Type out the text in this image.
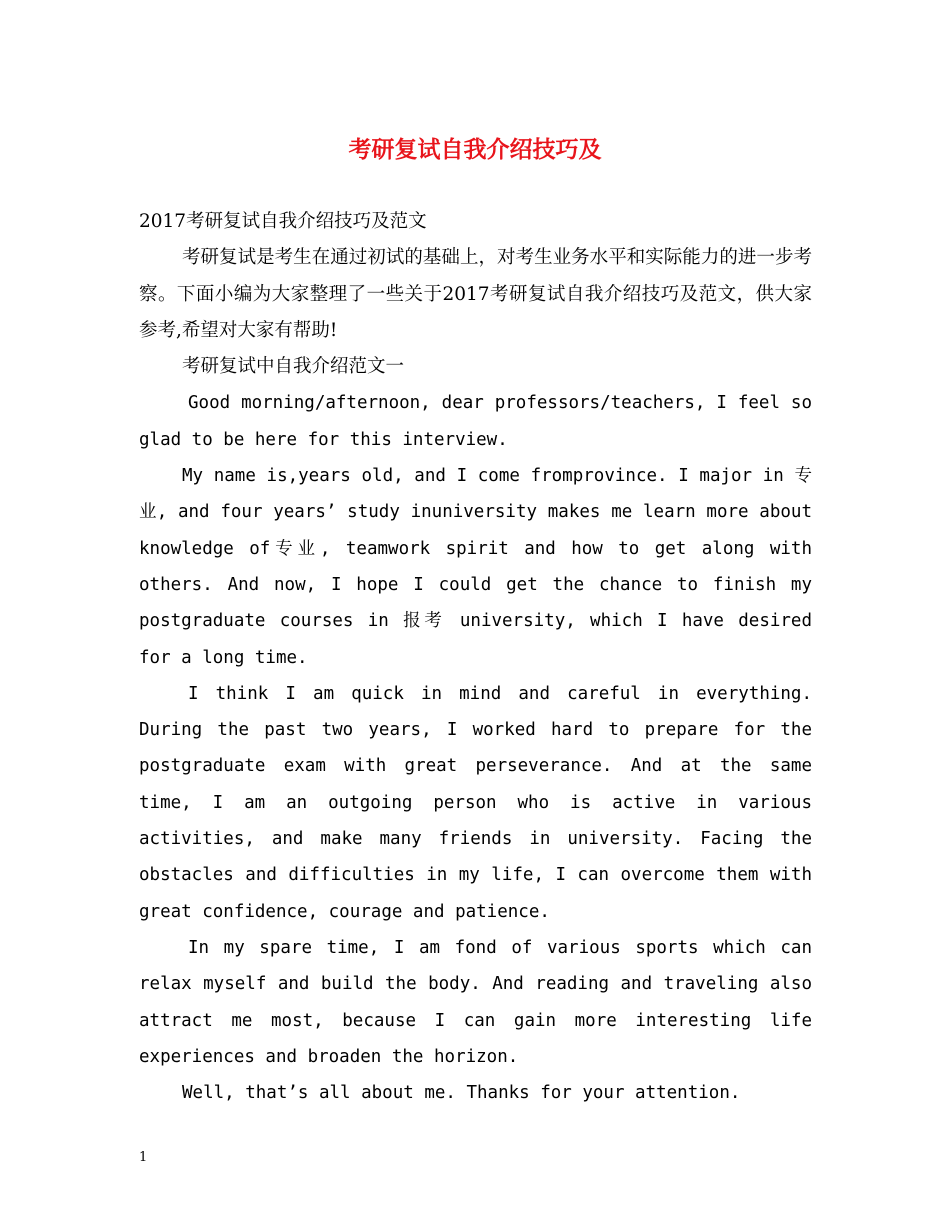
考研复试自我介绍技巧及

2017考研复试自我介绍技巧及范文

考研复试是考生在通过初试的基础上，对考生业务水平和实际能力的进一步考察。下面小编为大家整理了一些关于2017考研复试自我介绍技巧及范文，供大家参考,希望对大家有帮助!

考研复试中自我介绍范文一

Good morning/afternoon, dear professors/teachers, I feel so glad to be here for this interview.

My name is,years old, and I come fromprovince. I major in 专业, and four years’ study inuniversity makes me learn more about knowledge of专业, teamwork spirit and how to get along with others. And now, I hope I could get the chance to finish my postgraduate courses in 报考 university, which I have desired for a long time.

I think I am quick in mind and careful in everything. During the past two years, I worked hard to prepare for the postgraduate exam with great perseverance. And at the same time, I am an outgoing person who is active in various activities, and make many friends in university. Facing the obstacles and difficulties in my life, I can overcome them with great confidence, courage and patience.

In my spare time, I am fond of various sports which can relax myself and build the body. And reading and traveling also attract me most, because I can gain more interesting life experiences and broaden the horizon.

Well, that’s all about me. Thanks for your attention.

1
